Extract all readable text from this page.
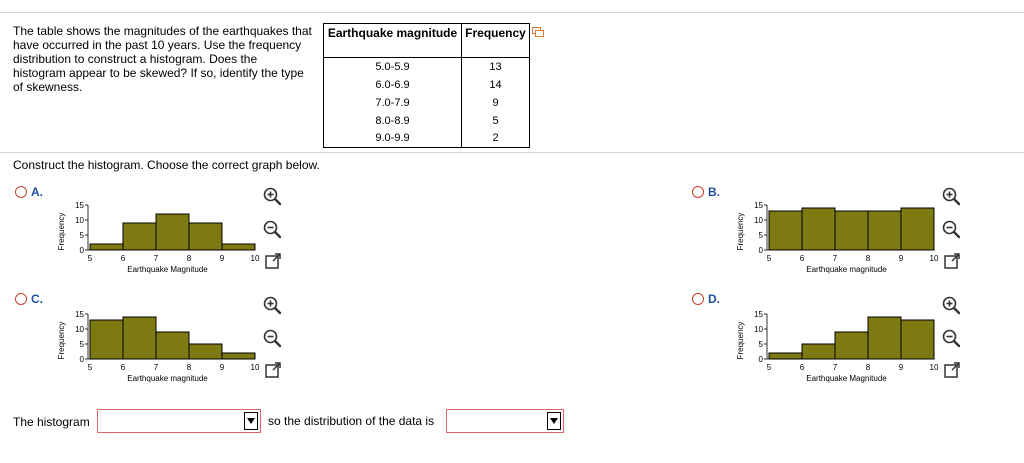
The table shows the magnitudes of the earthquakes that have occurred in the past 10 years. Use the frequency distribution to construct a histogram. Does the histogram appear to be skewed? If so, identify the type of skewness.
Earthquake magnitude	Frequency
5.0-5.9	13
6.0-6.9	14
7.0-7.9	9
8.0-8.9	5
9.0-9.9	2
Construct the histogram. Choose the correct graph below.
A.
Frequency
0
5
10
15
5	6	7	8	9	10
Earthquake Magnitude
B.
Frequency
0
5
10
15
5	6	7	8	9	10
Earthquake magnitude
C.
Frequency
0
5
10
15
5	6	7	8	9	10
Earthquake magnitude
D.
Frequency
0
5
10
15
5	6	7	8	9	10
Earthquake Magnitude
The histogram	so the distribution of the data is
